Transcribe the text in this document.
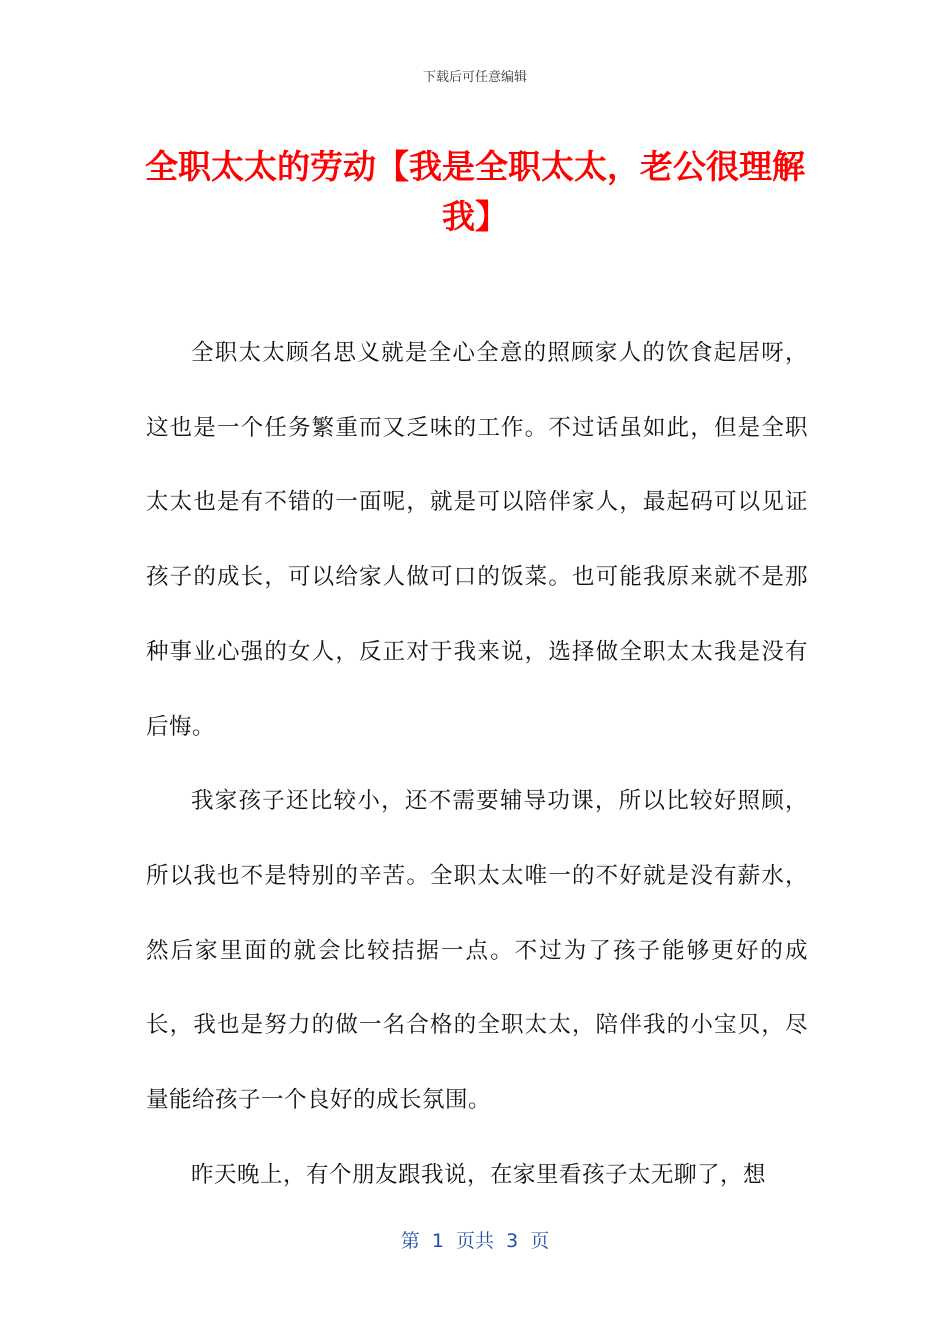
下载后可任意编辑
全职太太的劳动【我是全职太太，老公很理解我】

全职太太顾名思义就是全心全意的照顾家人的饮食起居呀，这也是一个任务繁重而又乏味的工作。不过话虽如此，但是全职太太也是有不错的一面呢，就是可以陪伴家人，最起码可以见证孩子的成长，可以给家人做可口的饭菜。也可能我原来就不是那种事业心强的女人，反正对于我来说，选择做全职太太我是没有后悔。

我家孩子还比较小，还不需要辅导功课，所以比较好照顾，所以我也不是特别的辛苦。全职太太唯一的不好就是没有薪水，然后家里面的就会比较拮据一点。不过为了孩子能够更好的成长，我也是努力的做一名合格的全职太太，陪伴我的小宝贝，尽量能给孩子一个良好的成长氛围。

昨天晚上，有个朋友跟我说，在家里看孩子太无聊了，想

第  1  页共  3  页
